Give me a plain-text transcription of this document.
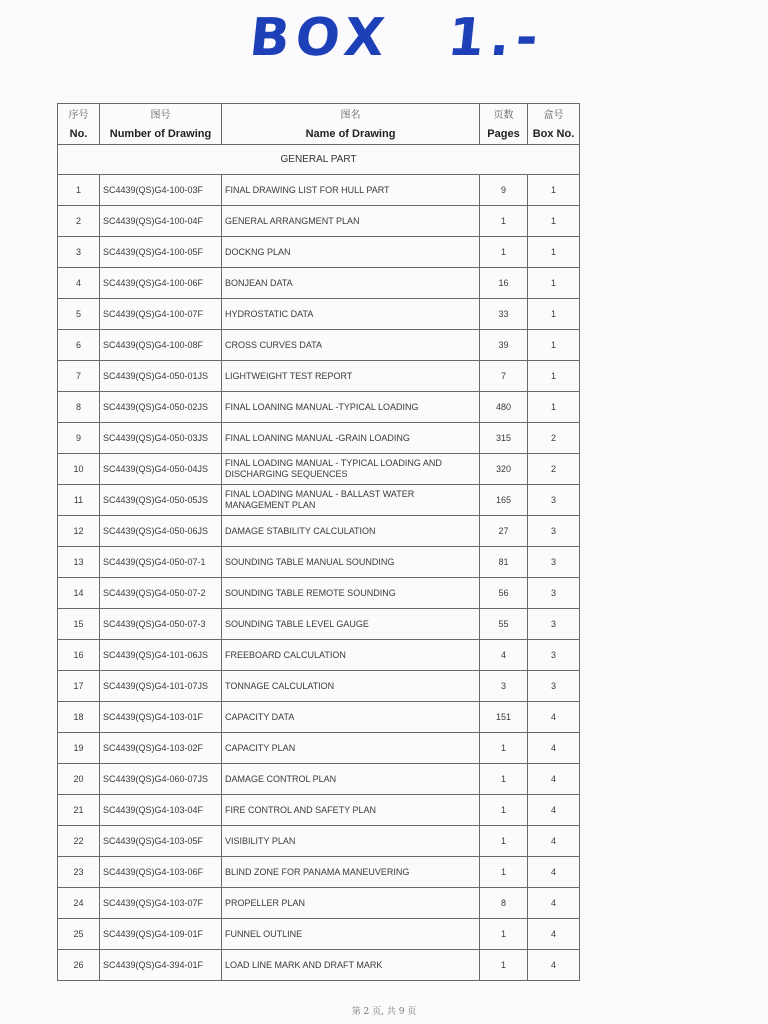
BOX 1.-
序号	图号	图名	页数	盒号
No.	Number of Drawing	Name of Drawing	Pages	Box No.
GENERAL PART				
1	SC4439(QS)G4-100-03F	FINAL DRAWING LIST FOR HULL PART	9	1
2	SC4439(QS)G4-100-04F	GENERAL ARRANGMENT PLAN	1	1
3	SC4439(QS)G4-100-05F	DOCKNG PLAN	1	1
4	SC4439(QS)G4-100-06F	BONJEAN DATA	16	1
5	SC4439(QS)G4-100-07F	HYDROSTATIC DATA	33	1
6	SC4439(QS)G4-100-08F	CROSS CURVES DATA	39	1
7	SC4439(QS)G4-050-01JS	LIGHTWEIGHT TEST REPORT	7	1
8	SC4439(QS)G4-050-02JS	FINAL LOANING MANUAL -TYPICAL LOADING	480	1
9	SC4439(QS)G4-050-03JS	FINAL LOANING MANUAL -GRAIN LOADING	315	2
10	SC4439(QS)G4-050-04JS	FINAL LOADING MANUAL - TYPICAL LOADING AND DISCHARGING SEQUENCES	320	2
11	SC4439(QS)G4-050-05JS	FINAL LOADING MANUAL - BALLAST WATER MANAGEMENT PLAN	165	3
12	SC4439(QS)G4-050-06JS	DAMAGE STABILITY CALCULATION	27	3
13	SC4439(QS)G4-050-07-1	SOUNDING TABLE MANUAL SOUNDING	81	3
14	SC4439(QS)G4-050-07-2	SOUNDING TABLE REMOTE SOUNDING	56	3
15	SC4439(QS)G4-050-07-3	SOUNDING TABLE LEVEL GAUGE	55	3
16	SC4439(QS)G4-101-06JS	FREEBOARD CALCULATION	4	3
17	SC4439(QS)G4-101-07JS	TONNAGE CALCULATION	3	3
18	SC4439(QS)G4-103-01F	CAPACITY DATA	151	4
19	SC4439(QS)G4-103-02F	CAPACITY PLAN	1	4
20	SC4439(QS)G4-060-07JS	DAMAGE CONTROL PLAN	1	4
21	SC4439(QS)G4-103-04F	FIRE CONTROL AND SAFETY PLAN	1	4
22	SC4439(QS)G4-103-05F	VISIBILITY PLAN	1	4
23	SC4439(QS)G4-103-06F	BLIND ZONE FOR PANAMA MANEUVERING	1	4
24	SC4439(QS)G4-103-07F	PROPELLER PLAN	8	4
25	SC4439(QS)G4-109-01F	FUNNEL OUTLINE	1	4
26	SC4439(QS)G4-394-01F	LOAD LINE MARK AND DRAFT MARK	1	4
第 2 页, 共 9 页
